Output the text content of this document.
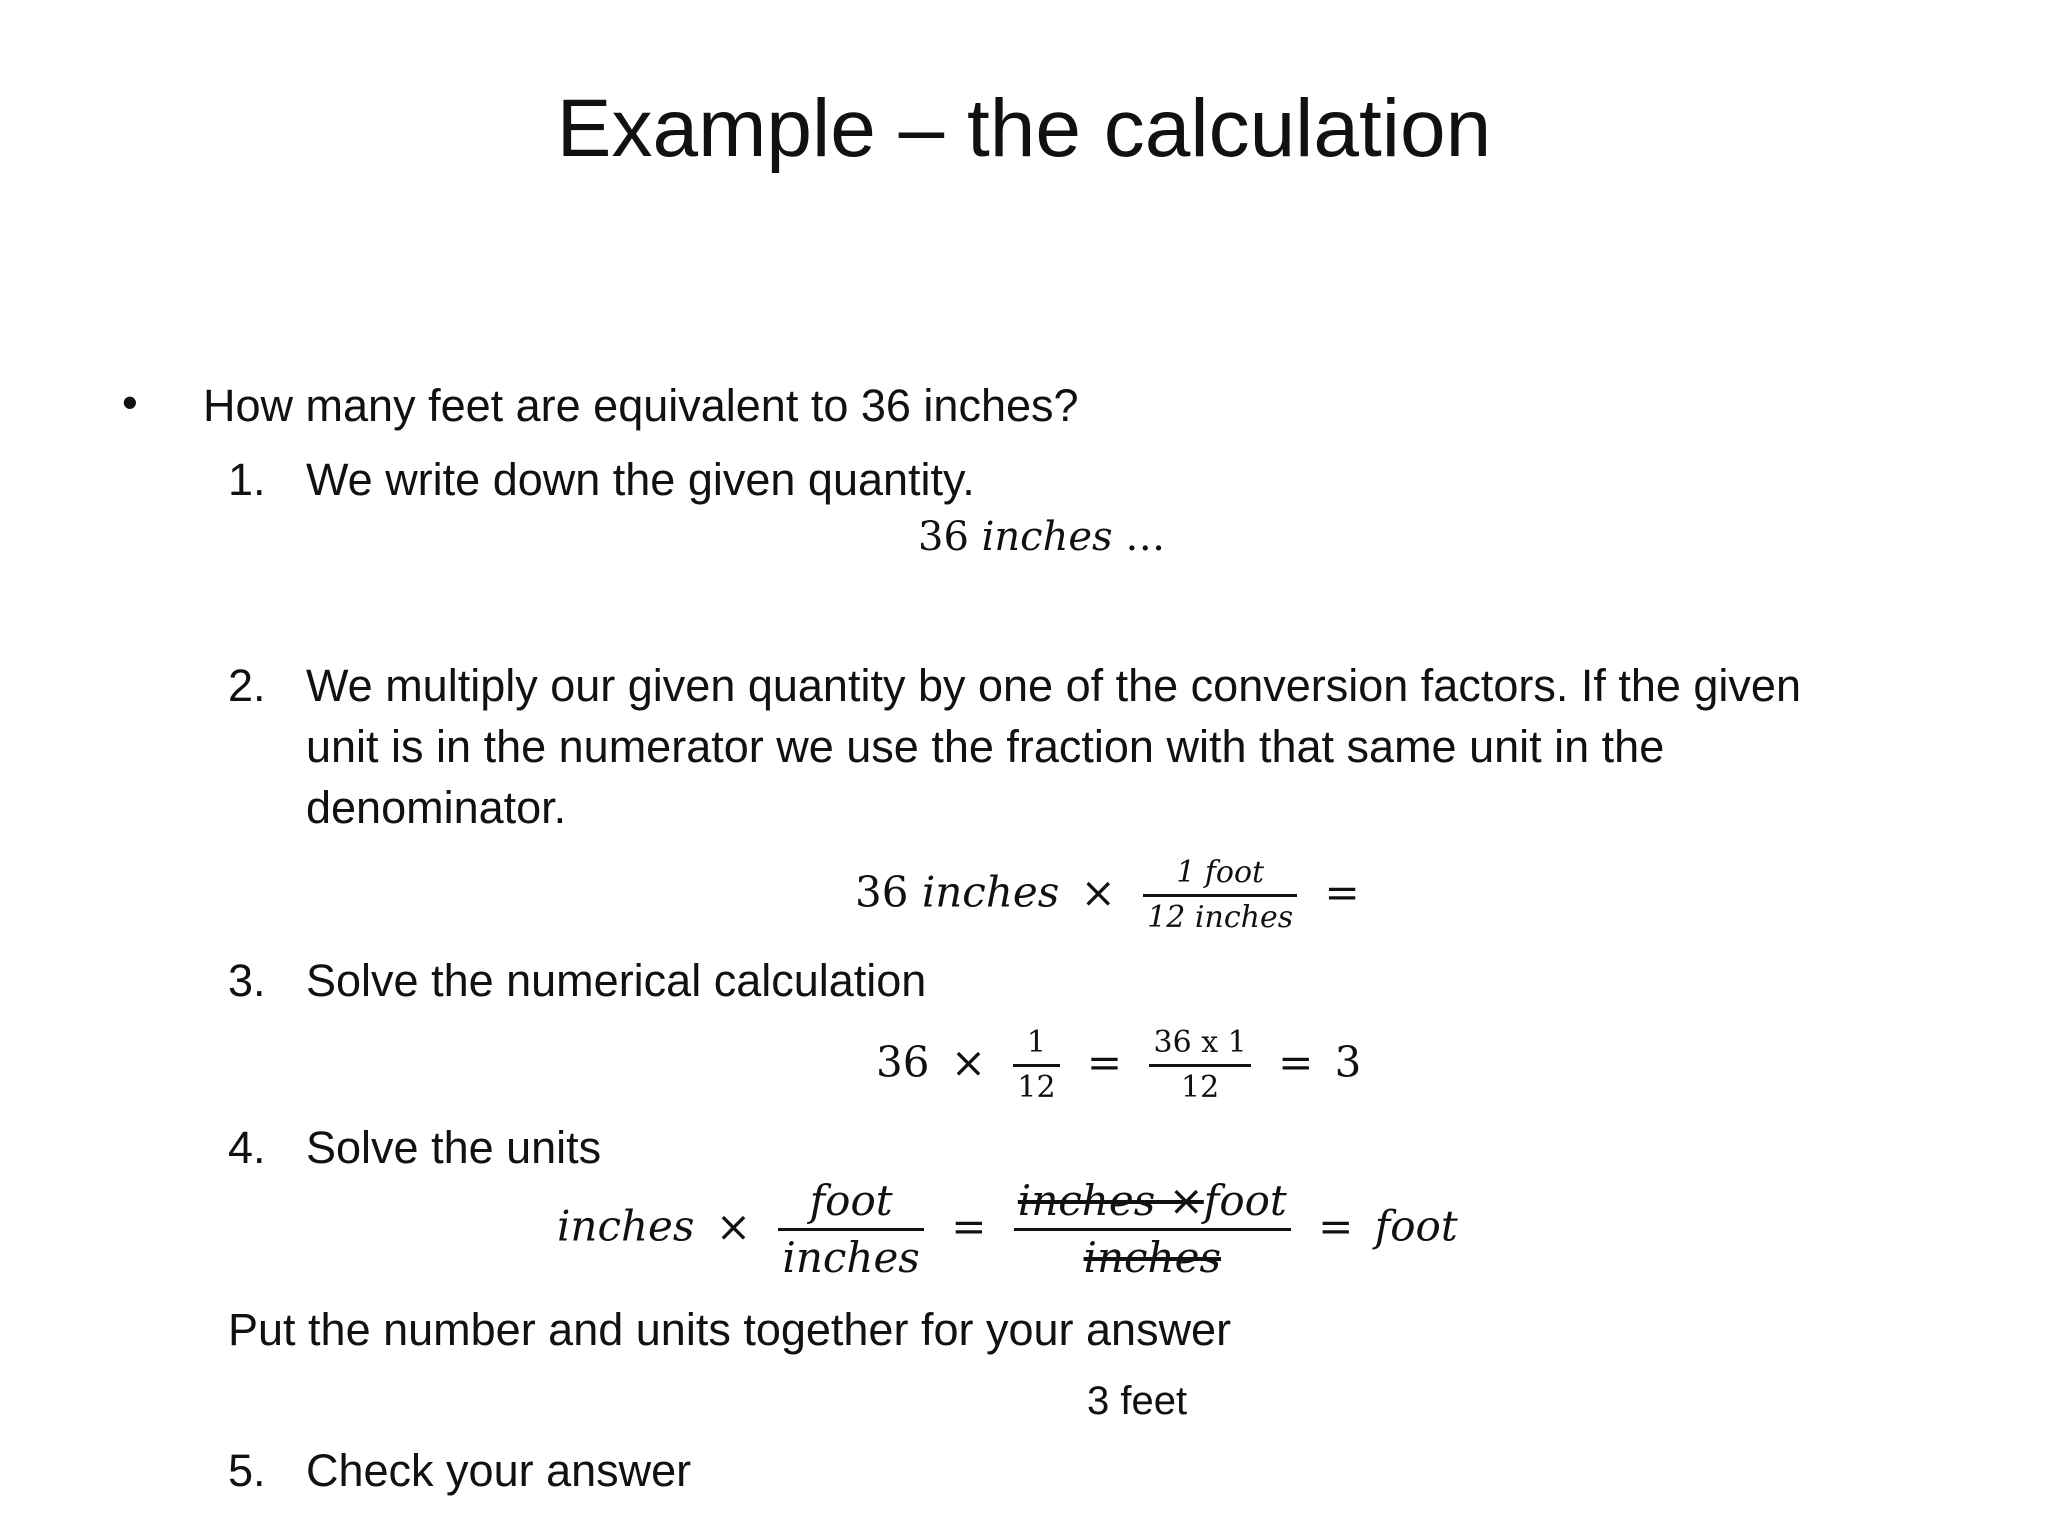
Example – the calculation
• How many feet are equivalent to 36 inches?
1. We write down the given quantity.
36 inches …
2. We multiply our given quantity by one of the conversion factors. If the given
unit is in the numerator we use the fraction with that same unit in the
denominator.
36 inches × $\frac{\text{1 foot}}{\text{12 inches}}$ =
3. Solve the numerical calculation
$36 \times \frac{1}{12} = \frac{36 x 1}{12} = 3$
4. Solve the units
inches × $\frac{\text{foot}}{\text{inches}} = \frac{\text{inches ×foot}}{\text{inches}}$ = foot
Put the number and units together for your answer
3 feet
5. Check your answer
